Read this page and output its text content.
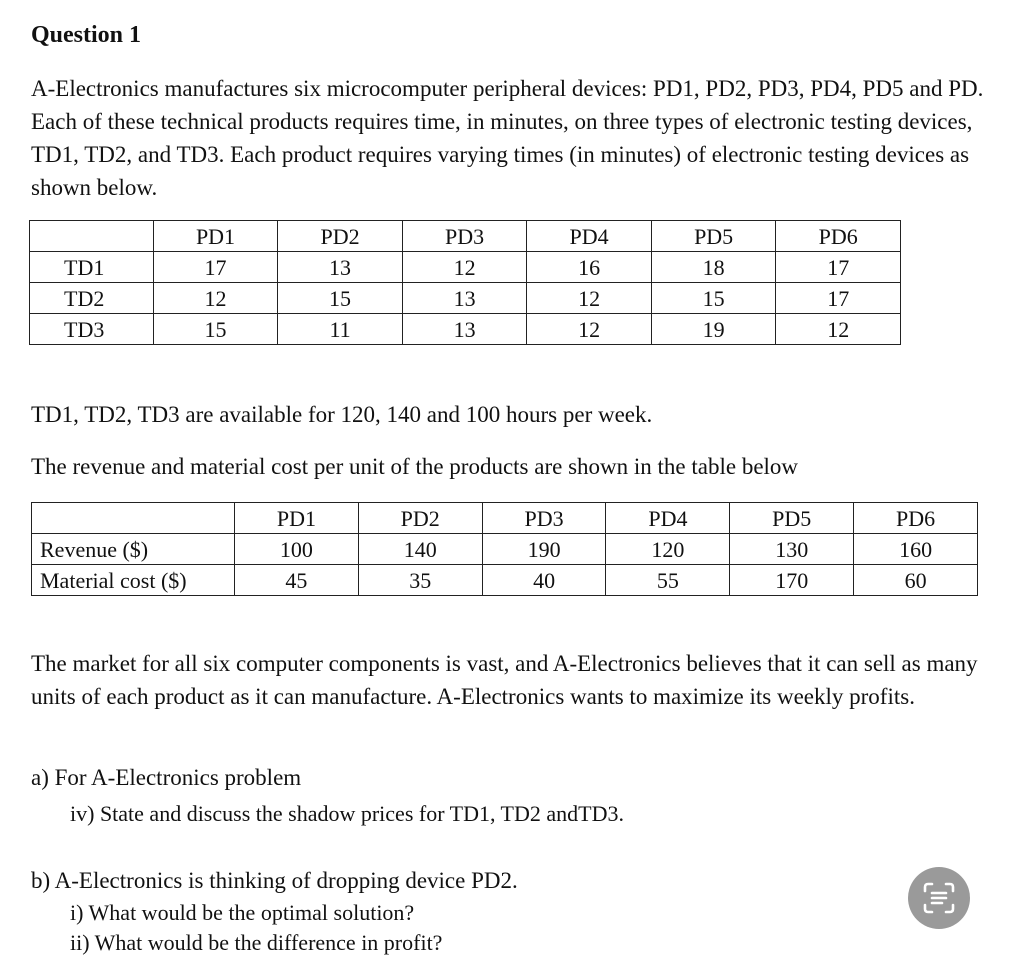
Question 1
A-Electronics manufactures six microcomputer peripheral devices: PD1, PD2, PD3, PD4, PD5 and PD. Each of these technical products requires time, in minutes, on three types of electronic testing devices, TD1, TD2, and TD3. Each product requires varying times (in minutes) of electronic testing devices as shown below.
	PD1	PD2	PD3	PD4	PD5	PD6
TD1	17	13	12	16	18	17
TD2	12	15	13	12	15	17
TD3	15	11	13	12	19	12
TD1, TD2, TD3 are available for 120, 140 and 100 hours per week.
The revenue and material cost per unit of the products are shown in the table below
	PD1	PD2	PD3	PD4	PD5	PD6
Revenue ($)	100	140	190	120	130	160
Material cost ($)	45	35	40	55	170	60
The market for all six computer components is vast, and A-Electronics believes that it can sell as many units of each product as it can manufacture. A-Electronics wants to maximize its weekly profits.
a) For A-Electronics problem
iv) State and discuss the shadow prices for TD1, TD2 andTD3.
b) A-Electronics is thinking of dropping device PD2.
i) What would be the optimal solution?
ii) What would be the difference in profit?
